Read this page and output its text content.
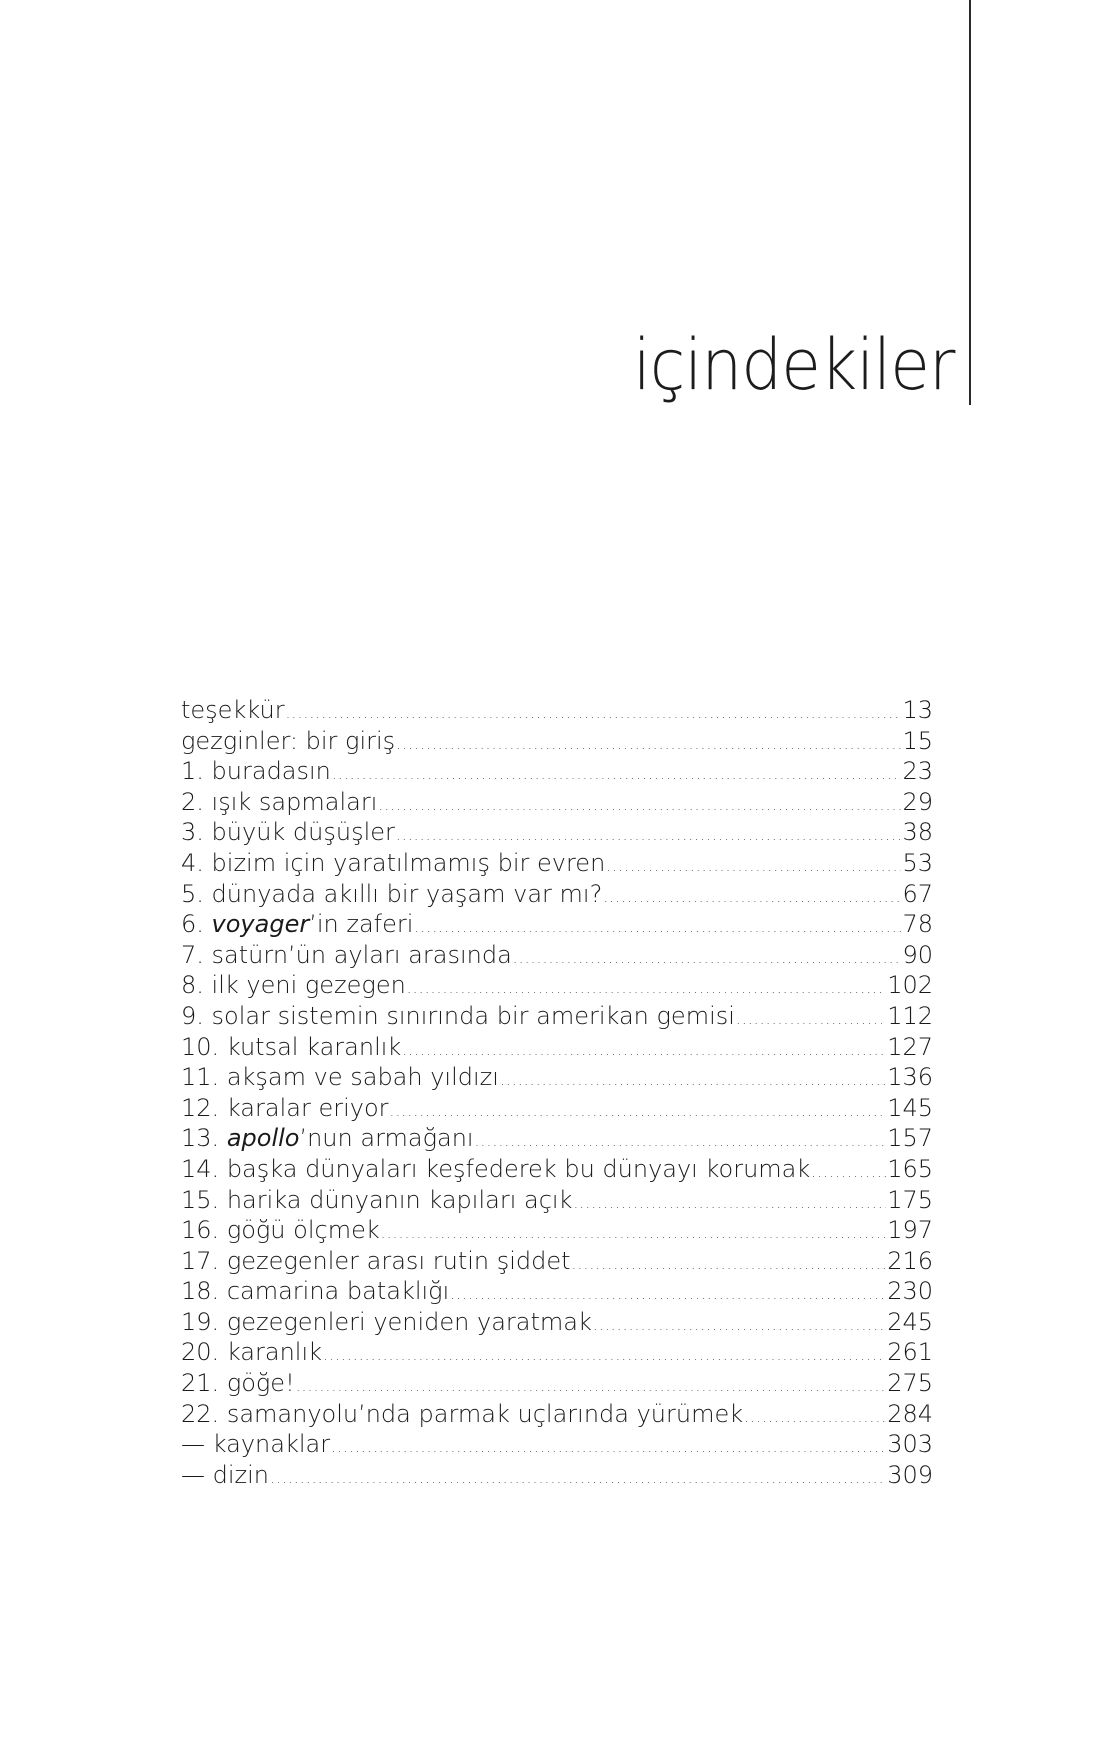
içindekiler
teşekkür .....	13
gezginler: bir giriş .....	15
1. buradasın .....	23
2. ışık sapmaları .....	29
3. büyük düşüşler .....	38
4. bizim için yaratılmamış bir evren .....	53
5. dünyada akıllı bir yaşam var mı? .....	67
6. voyager’in zaferi .....	78
7. satürn’ün ayları arasında .....	90
8. ilk yeni gezegen .....	102
9. solar sistemin sınırında bir amerikan gemisi .....	112
10. kutsal karanlık .....	127
11. akşam ve sabah yıldızı .....	136
12. karalar eriyor .....	145
13. apollo’nun armağanı .....	157
14. başka dünyaları keşfederek bu dünyayı korumak .....	165
15. harika dünyanın kapıları açık .....	175
16. göğü ölçmek .....	197
17. gezegenler arası rutin şiddet .....	216
18. camarina bataklığı .....	230
19. gezegenleri yeniden yaratmak .....	245
20. karanlık .....	261
21. göğe! .....	275
22. samanyolu’nda parmak uçlarında yürümek .....	284
— kaynaklar .....	303
— dizin .....	309
